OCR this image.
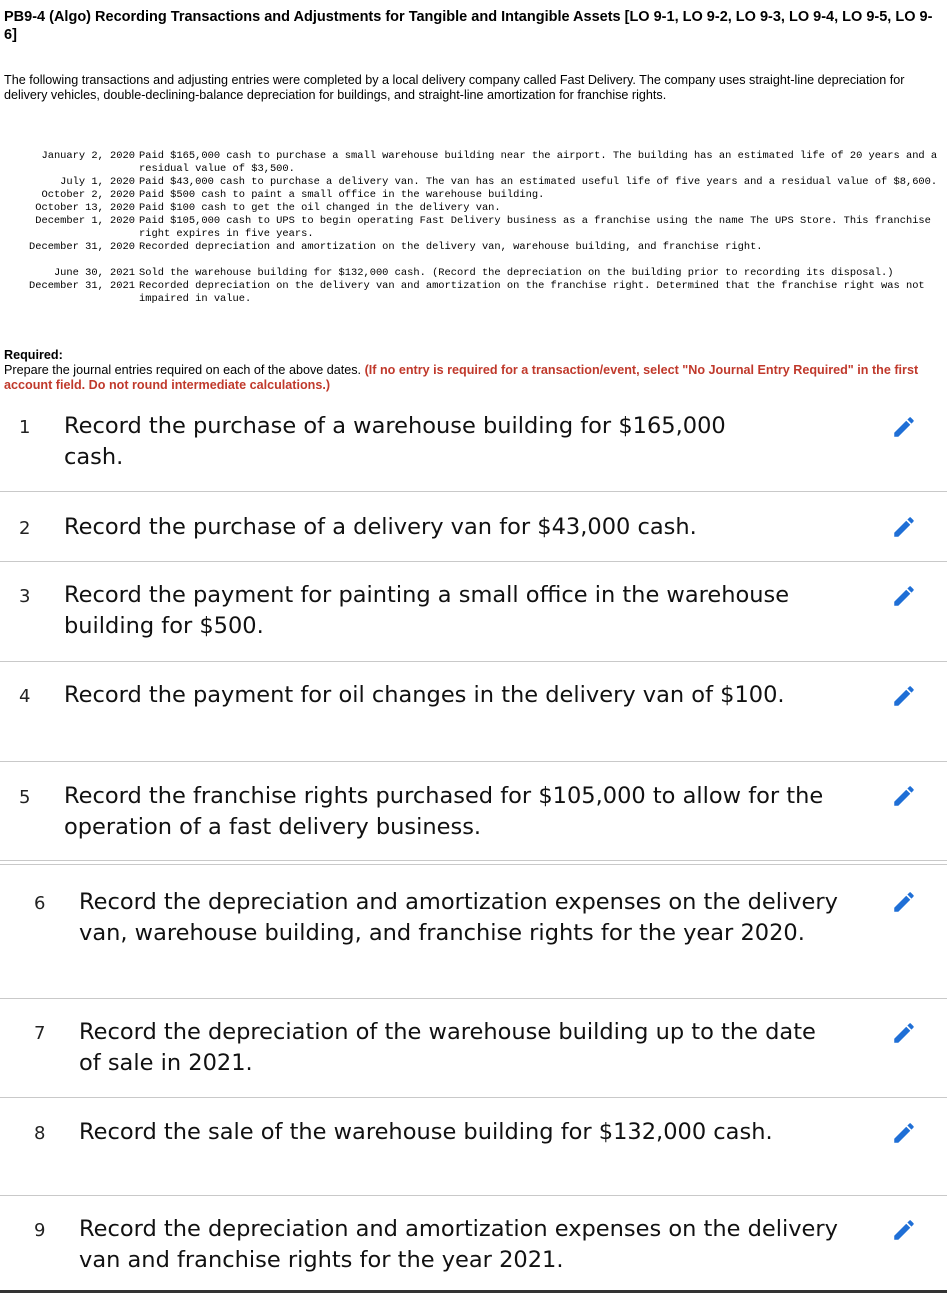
PB9-4 (Algo) Recording Transactions and Adjustments for Tangible and Intangible Assets [LO 9-1, LO 9-2, LO 9-3, LO 9-4, LO 9-5, LO 9-6]

The following transactions and adjusting entries were completed by a local delivery company called Fast Delivery. The company uses straight-line depreciation for delivery vehicles, double-declining-balance depreciation for buildings, and straight-line amortization for franchise rights.

January 2, 2020	Paid $165,000 cash to purchase a small warehouse building near the airport. The building has an estimated life of 20 years and a residual value of $3,500.
July 1, 2020	Paid $43,000 cash to purchase a delivery van. The van has an estimated useful life of five years and a residual value of $8,600.
October 2, 2020	Paid $500 cash to paint a small office in the warehouse building.
October 13, 2020	Paid $100 cash to get the oil changed in the delivery van.
December 1, 2020	Paid $105,000 cash to UPS to begin operating Fast Delivery business as a franchise using the name The UPS Store. This franchise right expires in five years.
December 31, 2020	Recorded depreciation and amortization on the delivery van, warehouse building, and franchise right.

June 30, 2021	Sold the warehouse building for $132,000 cash. (Record the depreciation on the building prior to recording its disposal.)
December 31, 2021	Recorded depreciation on the delivery van and amortization on the franchise right. Determined that the franchise right was not impaired in value.
Required:
Prepare the journal entries required on each of the above dates. (If no entry is required for a transaction/event, select "No Journal Entry Required" in the first account field. Do not round intermediate calculations.)
1 Record the purchase of a warehouse building for $165,000 cash.

2 Record the purchase of a delivery van for $43,000 cash.

3 Record the payment for painting a small office in the warehouse building for $500.

4 Record the payment for oil changes in the delivery van of $100.

5 Record the franchise rights purchased for $105,000 to allow for the operation of a fast delivery business.

6 Record the depreciation and amortization expenses on the delivery van, warehouse building, and franchise rights for the year 2020.

7 Record the depreciation of the warehouse building up to the date of sale in 2021.

8 Record the sale of the warehouse building for $132,000 cash.

9 Record the depreciation and amortization expenses on the delivery van and franchise rights for the year 2021.
